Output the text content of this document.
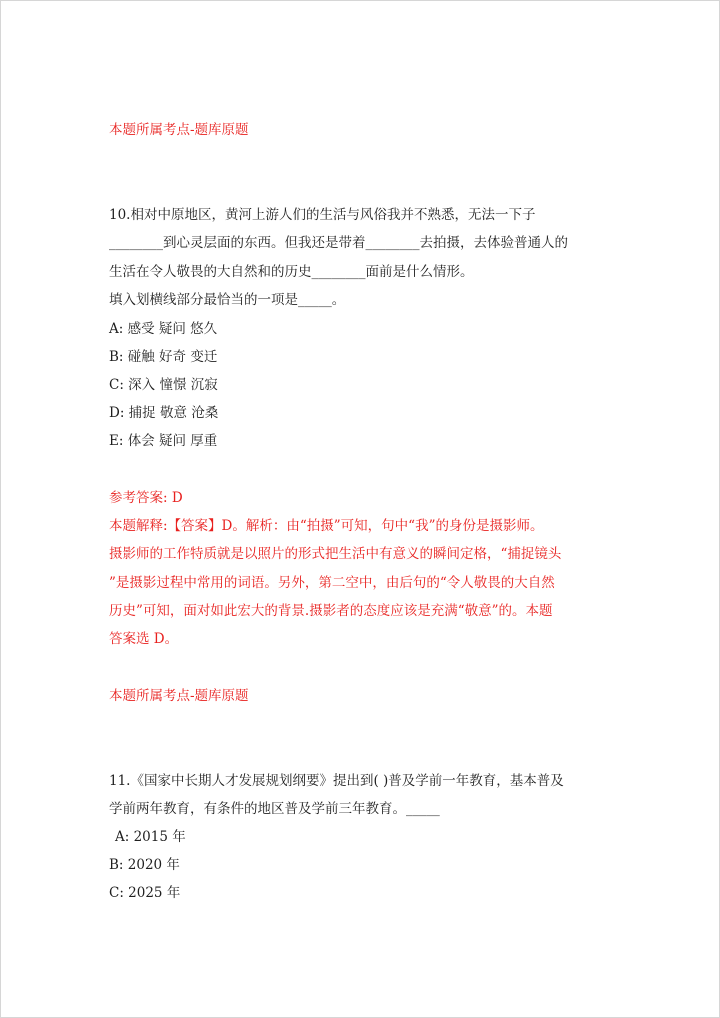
本题所属考点-题库原题
10.相对中原地区，黄河上游人们的生活与风俗我并不熟悉，无法一下子
________到心灵层面的东西。但我还是带着________去拍摄，去体验普通人的
生活在令人敬畏的大自然和的历史________面前是什么情形。
填入划横线部分最恰当的一项是_____。
A: 感受 疑问 悠久
B: 碰触 好奇 变迁
C: 深入 憧憬 沉寂
D: 捕捉 敬意 沧桑
E: 体会 疑问 厚重
参考答案: D
本题解释:【答案】D。解析：由“拍摄”可知，句中“我”的身份是摄影师。
摄影师的工作特质就是以照片的形式把生活中有意义的瞬间定格，“捕捉镜头
”是摄影过程中常用的词语。另外，第二空中，由后句的“令人敬畏的大自然
历史”可知，面对如此宏大的背景.摄影者的态度应该是充满“敬意”的。本题
答案选 D。
本题所属考点-题库原题
11.《国家中长期人才发展规划纲要》提出到( )普及学前一年教育，基本普及
学前两年教育，有条件的地区普及学前三年教育。_____
A: 2015 年
B: 2020 年
C: 2025 年
